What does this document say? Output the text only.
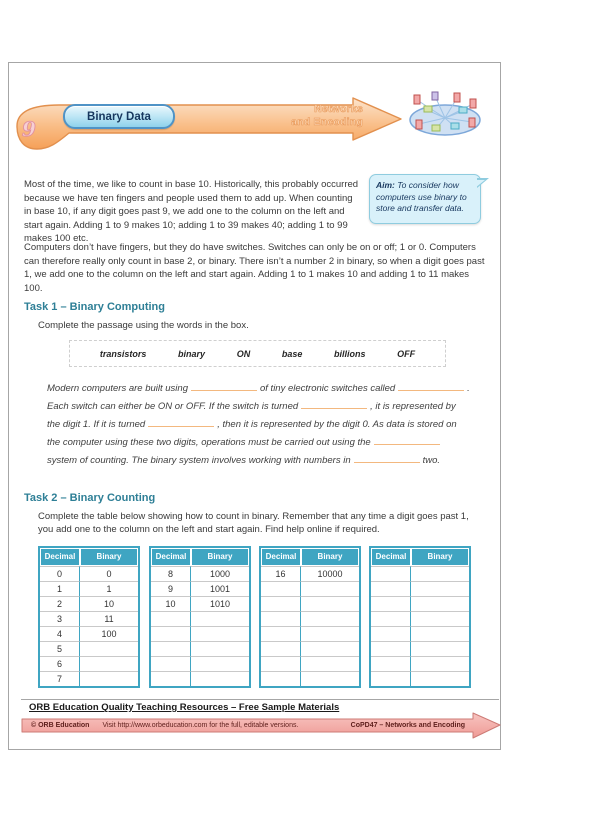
9
Binary Data
Networks
and Encoding
Most of the time, we like to count in base 10. Historically, this probably occurred because we have ten fingers and people used them to add up. When counting in base 10, if any digit goes past 9, we add one to the column on the left and start again. Adding 1 to 9 makes 10; adding 1 to 39 makes 40; adding 1 to 99 makes 100 etc.
Aim: To consider how computers use binary to store and transfer data.
Computers don’t have fingers, but they do have switches. Switches can only be on or off; 1 or 0. Computers can therefore really only count in base 2, or binary. There isn’t a number 2 in binary, so when a digit goes past 1, we add one to the column on the left and start again. Adding 1 to 1 makes 10 and adding 1 to 11 makes 100.
Task 1 – Binary Computing
Complete the passage using the words in the box.
transistors	binary	ON	base	billions	OFF
Modern computers are built using	of tiny electronic switches called	. Each switch can either be ON or OFF. If the switch is turned	, it is represented by the digit 1. If it is turned	, then it is represented by the digit 0. As data is stored on the computer using these two digits, operations must be carried out using thesystem of counting. The binary system involves working with numbers in	two.
Task 2 – Binary Counting
Complete the table below showing how to count in binary. Remember that any time a digit goes past 1, you add one to the column on the left and start again. Find help online if required.
Decimal	Binary
0	0
1	1
2	10
3	11
4	100
5	
6	
7	
Decimal	Binary
8	1000
9	1001
10	1010

Decimal	Binary
16	10000

Decimal	Binary

ORB Education Quality Teaching Resources – Free Sample Materials
© ORB Education Visit http://www.orbeducation.com for the full, editable versions.	CoPD47 – Networks and Encoding
